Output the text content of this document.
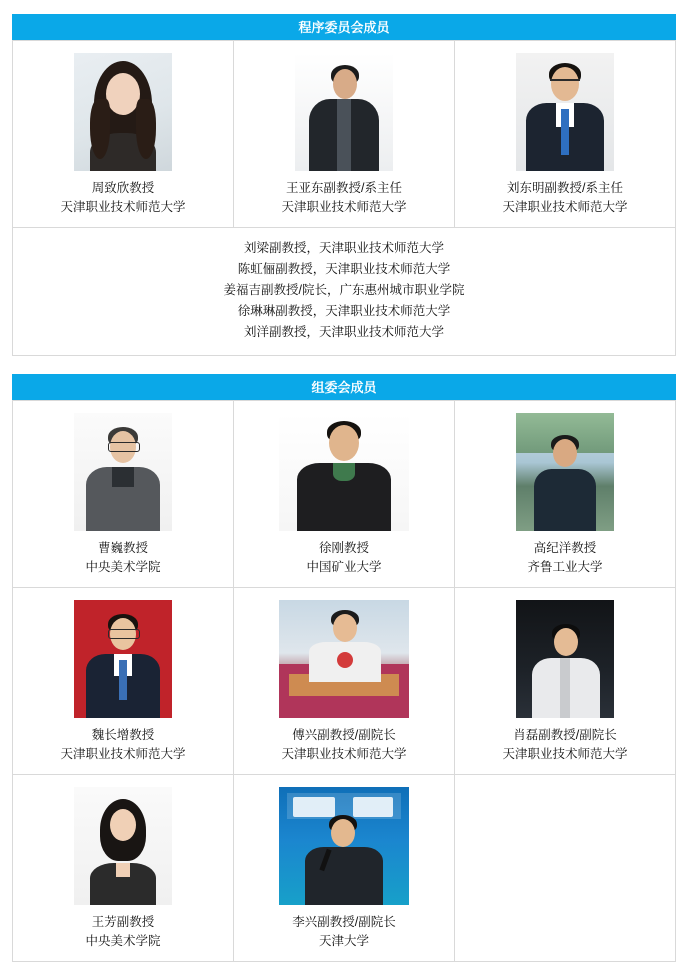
程序委员会成员
周致欣教授
天津职业技术师范大学

王亚东副教授/系主任
天津职业技术师范大学

刘东明副教授/系主任
天津职业技术师范大学

刘梁副教授，天津职业技术师范大学
陈虹俪副教授，天津职业技术师范大学
姜福吉副教授/院长，广东惠州城市职业学院
徐琳琳副教授，天津职业技术师范大学
刘洋副教授，天津职业技术师范大学
组委会成员
曹巍教授
中央美术学院

徐刚教授
中国矿业大学

高纪洋教授
齐鲁工业大学

魏长增教授
天津职业技术师范大学

傅兴副教授/副院长
天津职业技术师范大学

肖磊副教授/副院长
天津职业技术师范大学

王芳副教授
中央美术学院

李兴副教授/副院长
天津大学
